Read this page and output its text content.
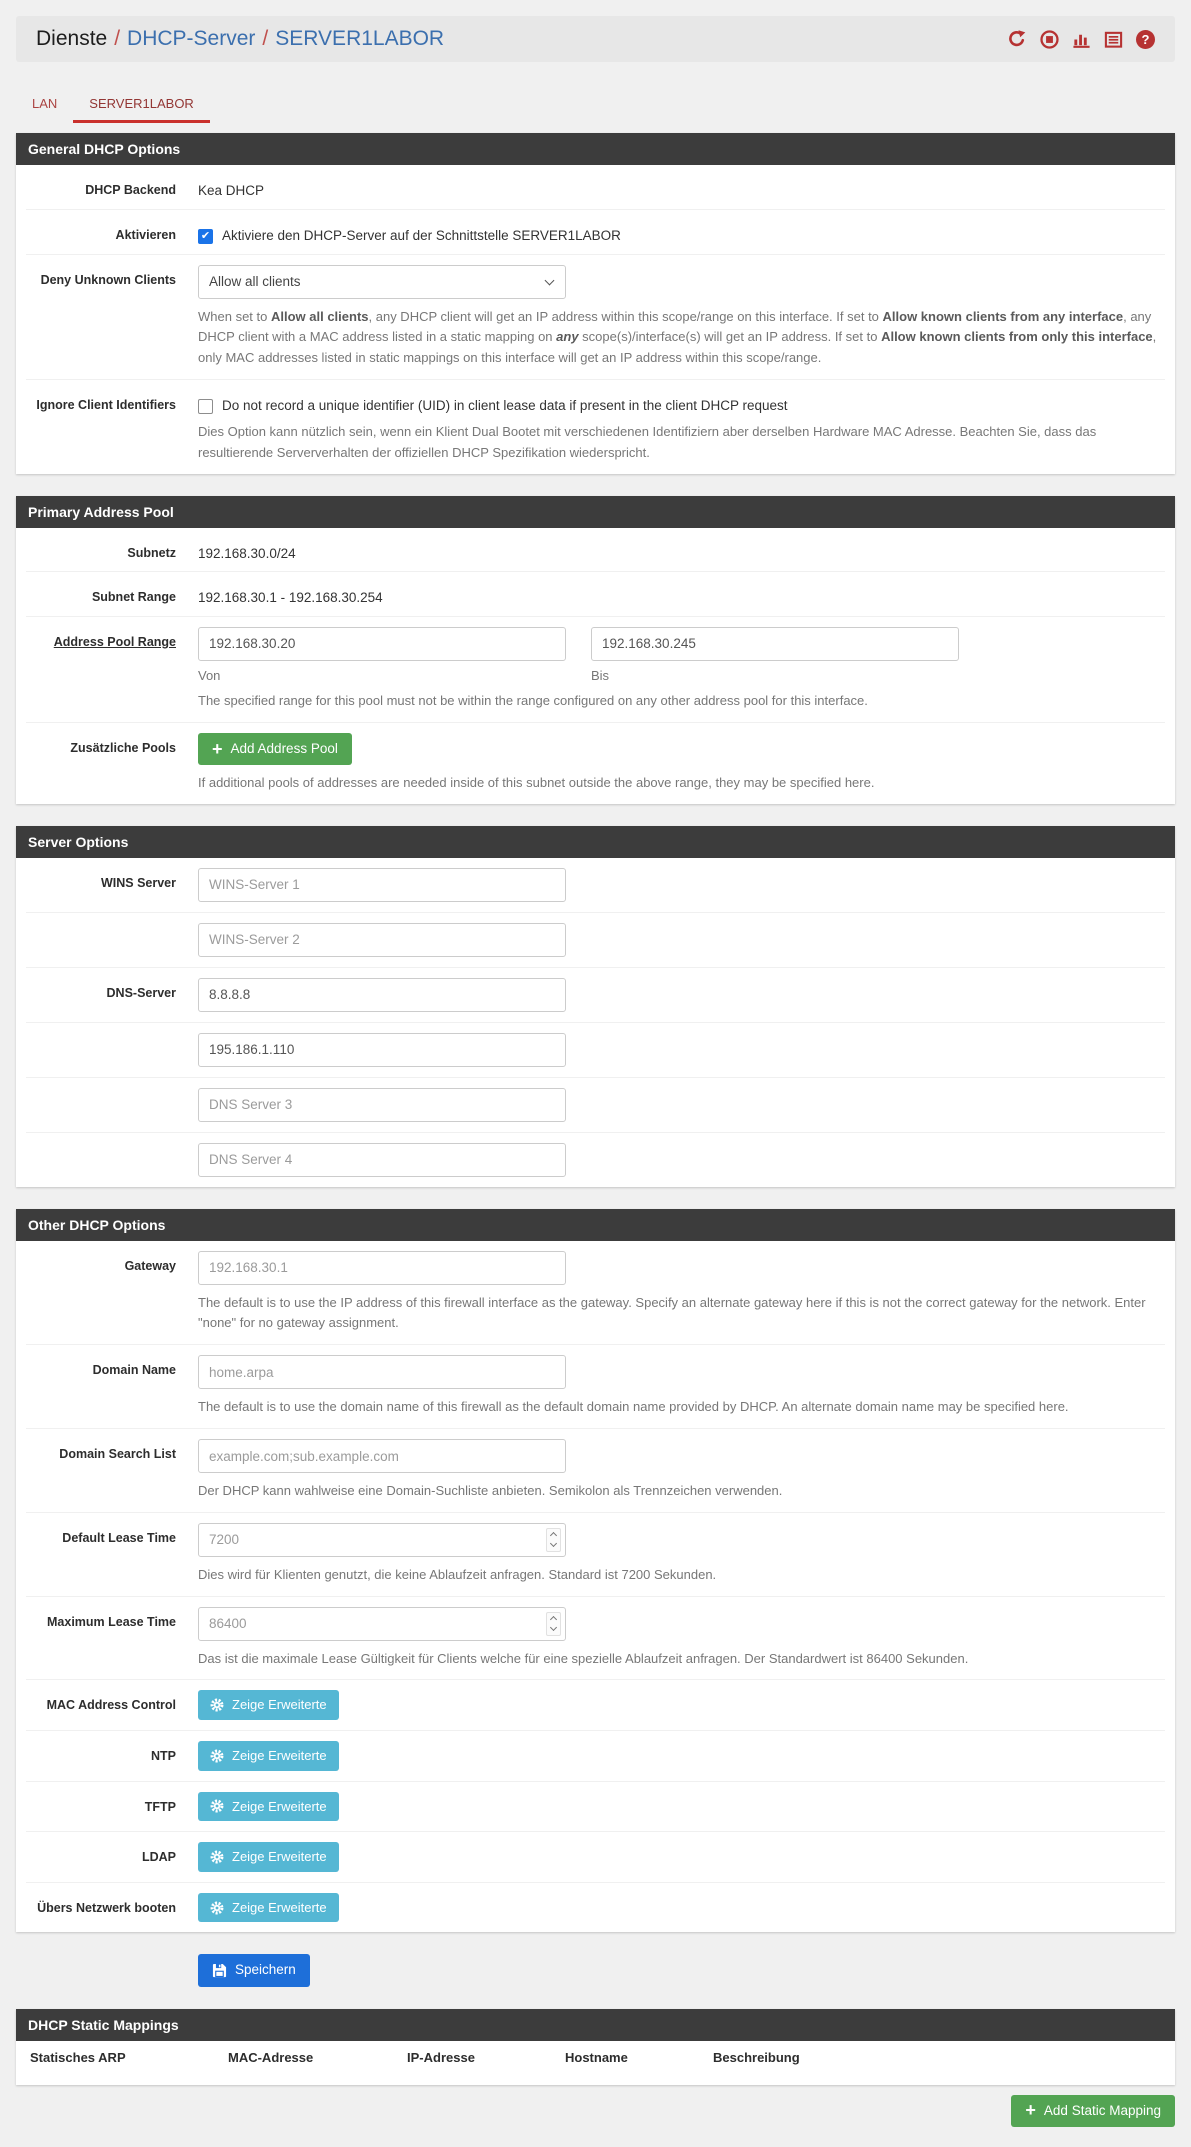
Dienste / DHCP-Server / SERVER1LABOR	?
LAN	SERVER1LABOR
General DHCP Options
DHCP Backend Kea DHCP
Aktivieren ✔ Aktiviere den DHCP-Server auf der Schnittstelle SERVER1LABOR
Deny Unknown Clients
Allow all clients
When set to Allow all clients, any DHCP client will get an IP address within this scope/range on this interface. If set to Allow known clients from any interface, any DHCP client with a MAC address listed in a static mapping on any scope(s)/interface(s) will get an IP address. If set to Allow known clients from only this interface, only MAC addresses listed in static mappings on this interface will get an IP address within this scope/range.
Ignore Client Identifiers	Do not record a unique identifier (UID) in client lease data if present in the client DHCP request
Dies Option kann nützlich sein, wenn ein Klient Dual Bootet mit verschiedenen Identifiziern aber derselben Hardware MAC Adresse. Beachten Sie, dass das resultierende Serververhalten der offiziellen DHCP Spezifikation wiederspricht.
Primary Address Pool
Subnetz 192.168.30.0/24
Subnet Range 192.168.30.1 - 192.168.30.254
Address Pool Range
192.168.30.20
Von
192.168.30.245	Bis
The specified range for this pool must not be within the range configured on any other address pool for this interface.
Zusätzliche Pools + Add Address Pool
If additional pools of addresses are needed inside of this subnet outside the above range, they may be specified here.
Server Options
WINS Server
WINS-Server 1
WINS-Server 2
DNS-Server
8.8.8.8
195.186.1.110
DNS Server 3
DNS Server 4
Other DHCP Options
Gateway
192.168.30.1
The default is to use the IP address of this firewall interface as the gateway. Specify an alternate gateway here if this is not the correct gateway for the network. Enter "none" for no gateway assignment.
Domain Name
home.arpa
The default is to use the domain name of this firewall as the default domain name provided by DHCP. An alternate domain name may be specified here.
Domain Search List
example.com;sub.example.com
Der DHCP kann wahlweise eine Domain-Suchliste anbieten. Semikolon als Trennzeichen verwenden.
Default Lease Time
7200
Dies wird für Klienten genutzt, die keine Ablaufzeit anfragen. Standard ist 7200 Sekunden.
Maximum Lease Time
86400
Das ist die maximale Lease Gültigkeit für Clients welche für eine spezielle Ablaufzeit anfragen. Der Standardwert ist 86400 Sekunden.
MAC Address Control	Zeige Erweiterte
NTP	Zeige Erweiterte
TFTP	Zeige Erweiterte
LDAP	Zeige Erweiterte
Übers Netzwerk booten	Zeige Erweiterte
Speichern
DHCP Static Mappings
Statisches ARP	MAC-Adresse	IP-Adresse	Hostname	Beschreibung
+ Add Static Mapping
